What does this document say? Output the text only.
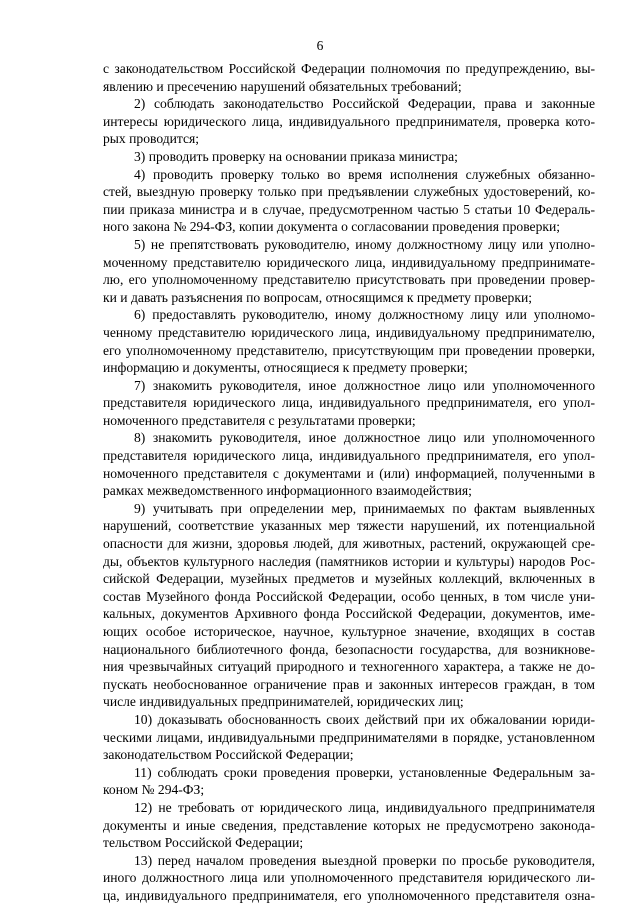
6
с законодательством Российской Федерации полномочия по предупреждению, вы-
явлению и пресечению нарушений обязательных требований;
2) соблюдать законодательство Российской Федерации, права и законные
интересы юридического лица, индивидуального предпринимателя, проверка кото-
рых проводится;
3) проводить проверку на основании приказа министра;
4) проводить проверку только во время исполнения служебных обязанно-
стей, выездную проверку только при предъявлении служебных удостоверений, ко-
пии приказа министра и в случае, предусмотренном частью 5 статьи 10 Федераль-
ного закона № 294-ФЗ, копии документа о согласовании проведения проверки;
5) не препятствовать руководителю, иному должностному лицу или уполно-
моченному представителю юридического лица, индивидуальному предпринимате-
лю, его уполномоченному представителю присутствовать при проведении провер-
ки и давать разъяснения по вопросам, относящимся к предмету проверки;
6) предоставлять руководителю, иному должностному лицу или уполномо-
ченному представителю юридического лица, индивидуальному предпринимателю,
его уполномоченному представителю, присутствующим при проведении проверки,
информацию и документы, относящиеся к предмету проверки;
7) знакомить руководителя, иное должностное лицо или уполномоченного
представителя юридического лица, индивидуального предпринимателя, его упол-
номоченного представителя с результатами проверки;
8) знакомить руководителя, иное должностное лицо или уполномоченного
представителя юридического лица, индивидуального предпринимателя, его упол-
номоченного представителя с документами и (или) информацией, полученными в
рамках межведомственного информационного взаимодействия;
9) учитывать при определении мер, принимаемых по фактам выявленных
нарушений, соответствие указанных мер тяжести нарушений, их потенциальной
опасности для жизни, здоровья людей, для животных, растений, окружающей сре-
ды, объектов культурного наследия (памятников истории и культуры) народов Рос-
сийской Федерации, музейных предметов и музейных коллекций, включенных в
состав Музейного фонда Российской Федерации, особо ценных, в том числе уни-
кальных, документов Архивного фонда Российской Федерации, документов, име-
ющих особое историческое, научное, культурное значение, входящих в состав
национального библиотечного фонда, безопасности государства, для возникнове-
ния чрезвычайных ситуаций природного и техногенного характера, а также не до-
пускать необоснованное ограничение прав и законных интересов граждан, в том
числе индивидуальных предпринимателей, юридических лиц;
10) доказывать обоснованность своих действий при их обжаловании юриди-
ческими лицами, индивидуальными предпринимателями в порядке, установленном
законодательством Российской Федерации;
11) соблюдать сроки проведения проверки, установленные Федеральным за-
коном № 294-ФЗ;
12) не требовать от юридического лица, индивидуального предпринимателя
документы и иные сведения, представление которых не предусмотрено законода-
тельством Российской Федерации;
13) перед началом проведения выездной проверки по просьбе руководителя,
иного должностного лица или уполномоченного представителя юридического ли-
ца, индивидуального предпринимателя, его уполномоченного представителя озна-
